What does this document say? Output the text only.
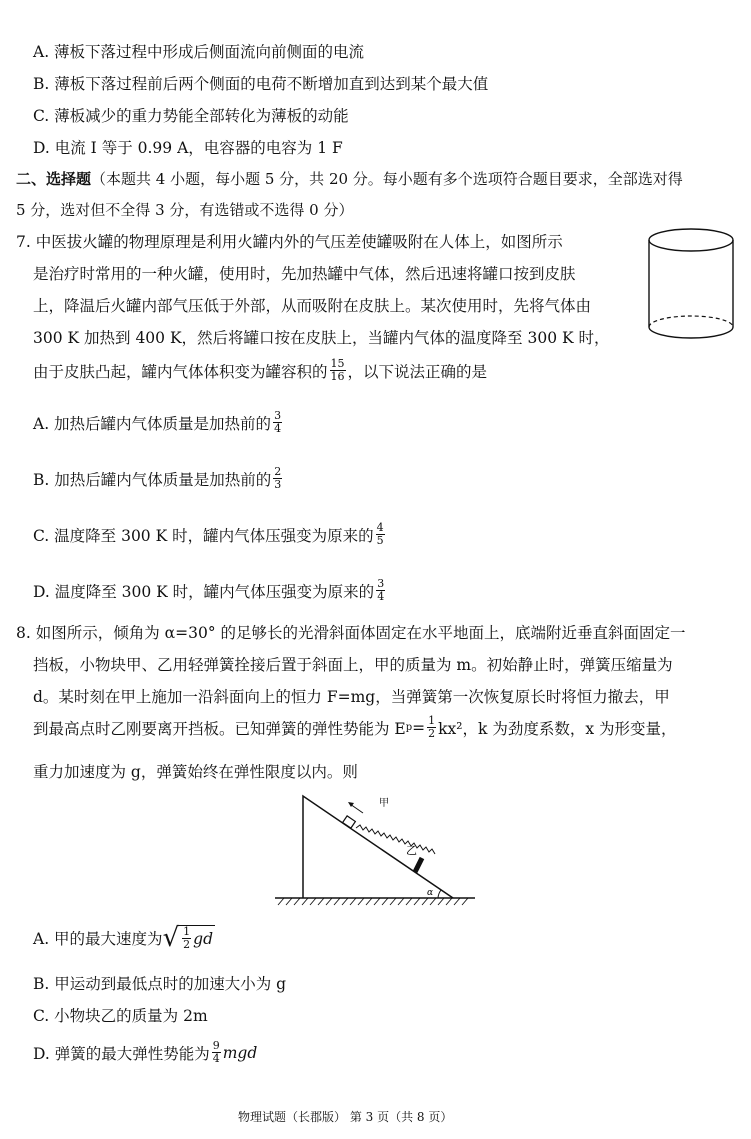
A. 薄板下落过程中形成后侧面流向前侧面的电流
B. 薄板下落过程前后两个侧面的电荷不断增加直到达到某个最大值
C. 薄板减少的重力势能全部转化为薄板的动能
D. 电流 I 等于 0.99 A，电容器的电容为 1 F
二、选择题（本题共 4 小题，每小题 5 分，共 20 分。每小题有多个选项符合题目要求，全部选对得
5 分，选对但不全得 3 分，有选错或不选得 0 分）
7. 中医拔火罐的物理原理是利用火罐内外的气压差使罐吸附在人体上，如图所示
是治疗时常用的一种火罐，使用时，先加热罐中气体，然后迅速将罐口按到皮肤
上，降温后火罐内部气压低于外部，从而吸附在皮肤上。某次使用时，先将气体由
300 K 加热到 400 K，然后将罐口按在皮肤上，当罐内气体的温度降至 300 K 时，
由于皮肤凸起，罐内气体体积变为罐容积的 $\frac{15}{16}$ ，以下说法正确的是
A. 加热后罐内气体质量是加热前的 $\frac{3}{4}$
B. 加热后罐内气体质量是加热前的 $\frac{2}{3}$
C. 温度降至 300 K 时，罐内气体压强变为原来的 $\frac{4}{5}$
D. 温度降至 300 K 时，罐内气体压强变为原来的 $\frac{3}{4}$
8. 如图所示，倾角为 α=30° 的足够长的光滑斜面体固定在水平地面上，底端附近垂直斜面固定一
挡板，小物块甲、乙用轻弹簧拴接后置于斜面上，甲的质量为 m。初始静止时，弹簧压缩量为
d。某时刻在甲上施加一沿斜面向上的恒力 F=mg，当弹簧第一次恢复原长时将恒力撤去，甲
到最高点时乙刚要离开挡板。已知弹簧的弹性势能为 E $p = \frac{1}{2} kx^2$，k 为劲度系数，x 为形变量，
重力加速度为 g，弹簧始终在弹性限度以内。则
α
甲
乙
A. 甲的最大速度为 √ $\frac{1}{2}$ gd
B. 甲运动到最低点时的加速大小为 g
C. 小物块乙的质量为 2m
D. 弹簧的最大弹性势能为 $\frac{9}{4}$ mgd
物理试题（长郡版） 第 3 页（共 8 页）
